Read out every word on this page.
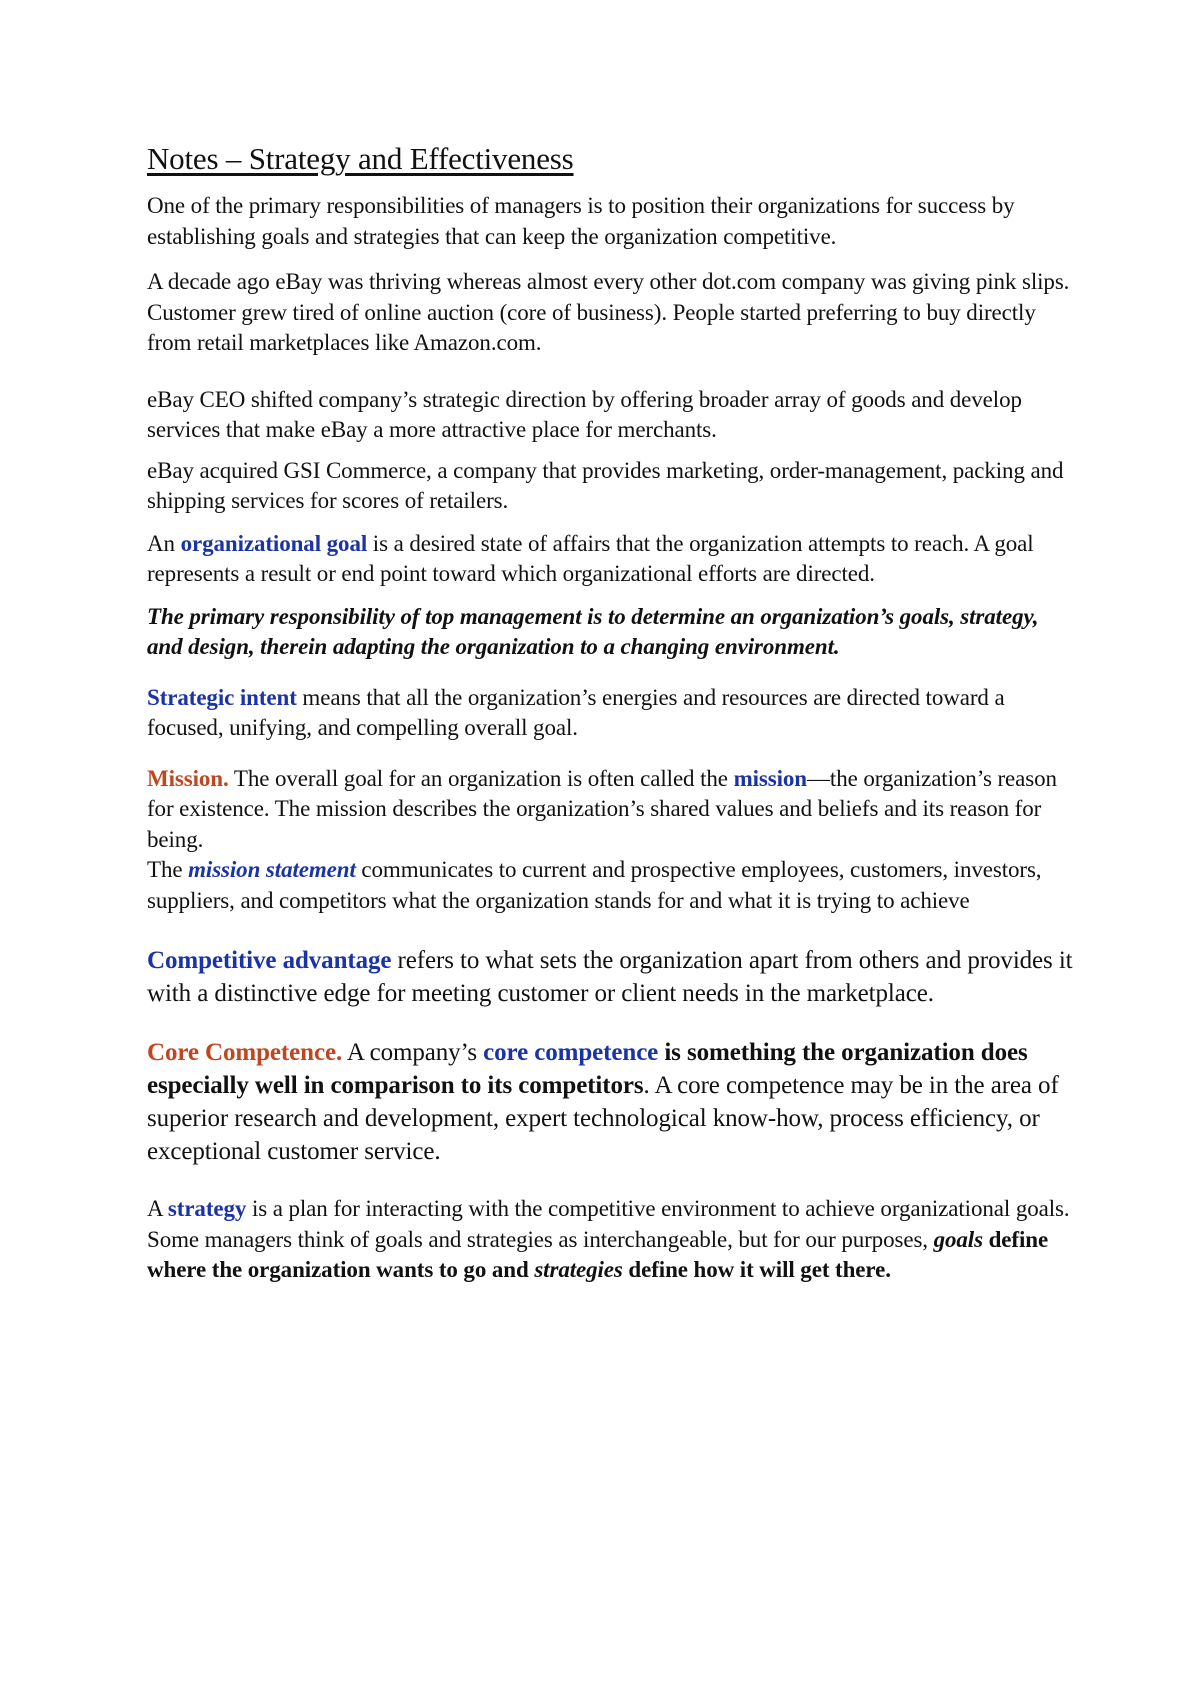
Notes – Strategy and Effectiveness

One of the primary responsibilities of managers is to position their organizations for success by establishing goals and strategies that can keep the organization competitive.

A decade ago eBay was thriving whereas almost every other dot.com company was giving pink slips. Customer grew tired of online auction (core of business). People started preferring to buy directly from retail marketplaces like Amazon.com.

eBay CEO shifted company’s strategic direction by offering broader array of goods and develop services that make eBay a more attractive place for merchants.

eBay acquired GSI Commerce, a company that provides marketing, order-management, packing and shipping services for scores of retailers.

An organizational goal is a desired state of affairs that the organization attempts to reach. A goal represents a result or end point toward which organizational efforts are directed.

The primary responsibility of top management is to determine an organization’s goals, strategy, and design, therein adapting the organization to a changing environment.

Strategic intent means that all the organization’s energies and resources are directed toward a focused, unifying, and compelling overall goal.

Mission. The overall goal for an organization is often called the mission—the organization’s reason for existence. The mission describes the organization’s shared values and beliefs and its reason for being.

The mission statement communicates to current and prospective employees, customers, investors, suppliers, and competitors what the organization stands for and what it is trying to achieve

Competitive advantage refers to what sets the organization apart from others and provides it with a distinctive edge for meeting customer or client needs in the marketplace.

Core Competence. A company’s core competence is something the organization does especially well in comparison to its competitors. A core competence may be in the area of superior research and development, expert technological know-how, process efficiency, or exceptional customer service.

A strategy is a plan for interacting with the competitive environment to achieve organizational goals. Some managers think of goals and strategies as interchangeable, but for our purposes, goals define where the organization wants to go and strategies define how it will get there.
